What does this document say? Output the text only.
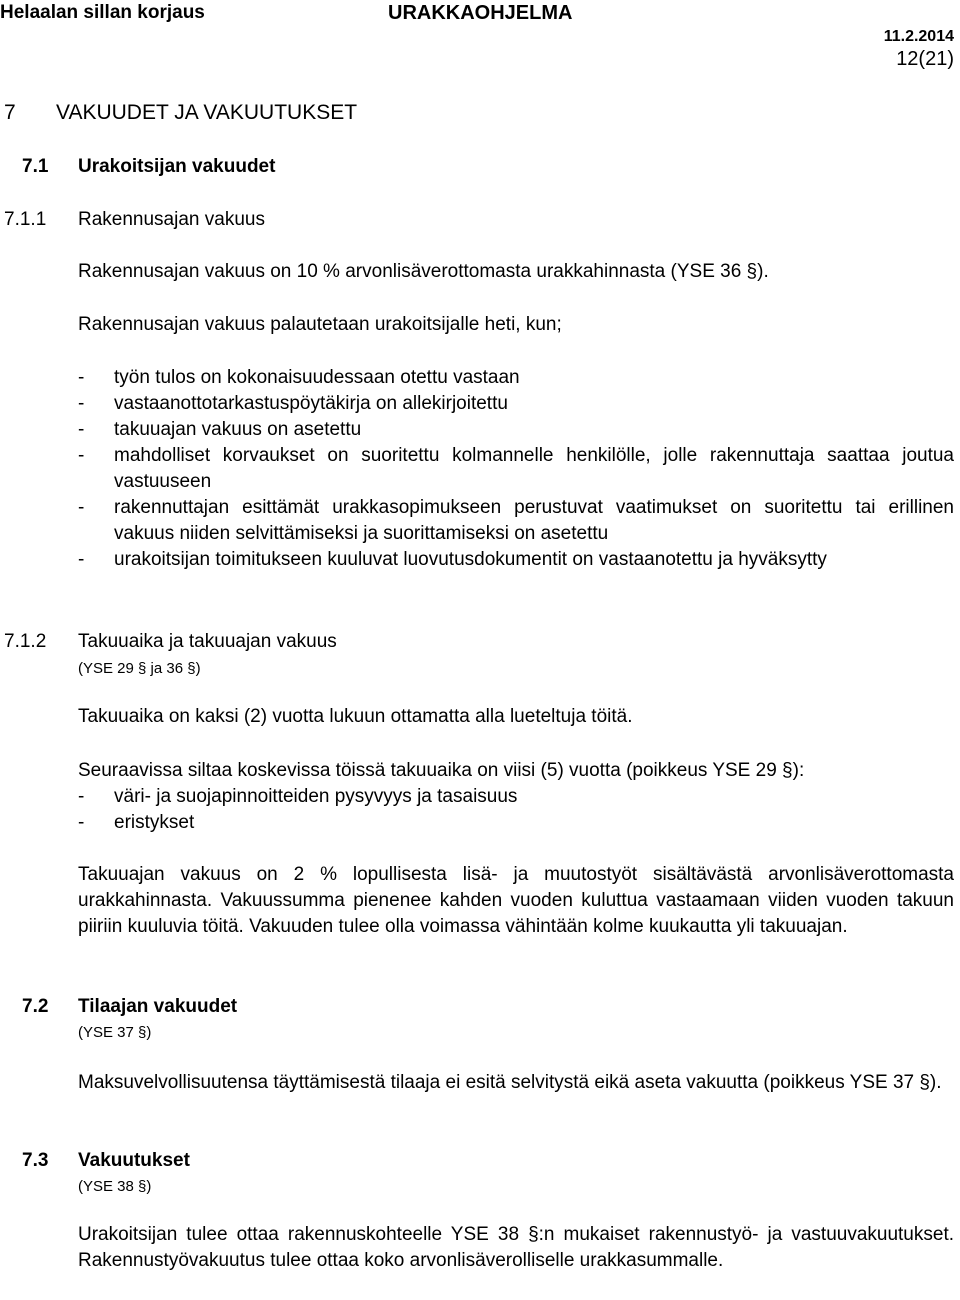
Helaalan sillan korjaus	URAKKAOHJELMA
11.2.2014
12(21)
7 VAKUUDET JA VAKUUTUKSET
7.1 Urakoitsijan vakuudet
7.1.1 Rakennusajan vakuus
Rakennusajan vakuus on 10 % arvonlisäverottomasta urakkahinnasta (YSE 36 §).
Rakennusajan vakuus palautetaan urakoitsijalle heti, kun;
- työn tulos on kokonaisuudessaan otettu vastaan
- vastaanottotarkastuspöytäkirja on allekirjoitettu
- takuuajan vakuus on asetettu
- mahdolliset korvaukset on suoritettu kolmannelle henkilölle, jolle rakennuttaja saattaa joutua vastuuseen
- rakennuttajan esittämät urakkasopimukseen perustuvat vaatimukset on suoritettu tai erillinen vakuus niiden selvittämiseksi ja suorittamiseksi on asetettu
- urakoitsijan toimitukseen kuuluvat luovutusdokumentit on vastaanotettu ja hyväksytty
7.1.2 Takuuaika ja takuuajan vakuus
(YSE 29 § ja 36 §)
Takuuaika on kaksi (2) vuotta lukuun ottamatta alla lueteltuja töitä.
Seuraavissa siltaa koskevissa töissä takuuaika on viisi (5) vuotta (poikkeus YSE 29 §):
- väri- ja suojapinnoitteiden pysyvyys ja tasaisuus
- eristykset
Takuuajan vakuus on 2 % lopullisesta lisä- ja muutostyöt sisältävästä arvonlisäverottomasta urakkahinnasta. Vakuussumma pienenee kahden vuoden kuluttua vastaamaan viiden vuoden takuun piiriin kuuluvia töitä. Vakuuden tulee olla voimassa vähintään kolme kuukautta yli takuuajan.
7.2 Tilaajan vakuudet
(YSE 37 §)
Maksuvelvollisuutensa täyttämisestä tilaaja ei esitä selvitystä eikä aseta vakuutta (poikkeus YSE 37 §).
7.3 Vakuutukset
(YSE 38 §)
Urakoitsijan tulee ottaa rakennuskohteelle YSE 38 §:n mukaiset rakennustyö- ja vastuuvakuutukset. Rakennustyövakuutus tulee ottaa koko arvonlisäverolliselle urakkasummalle.
